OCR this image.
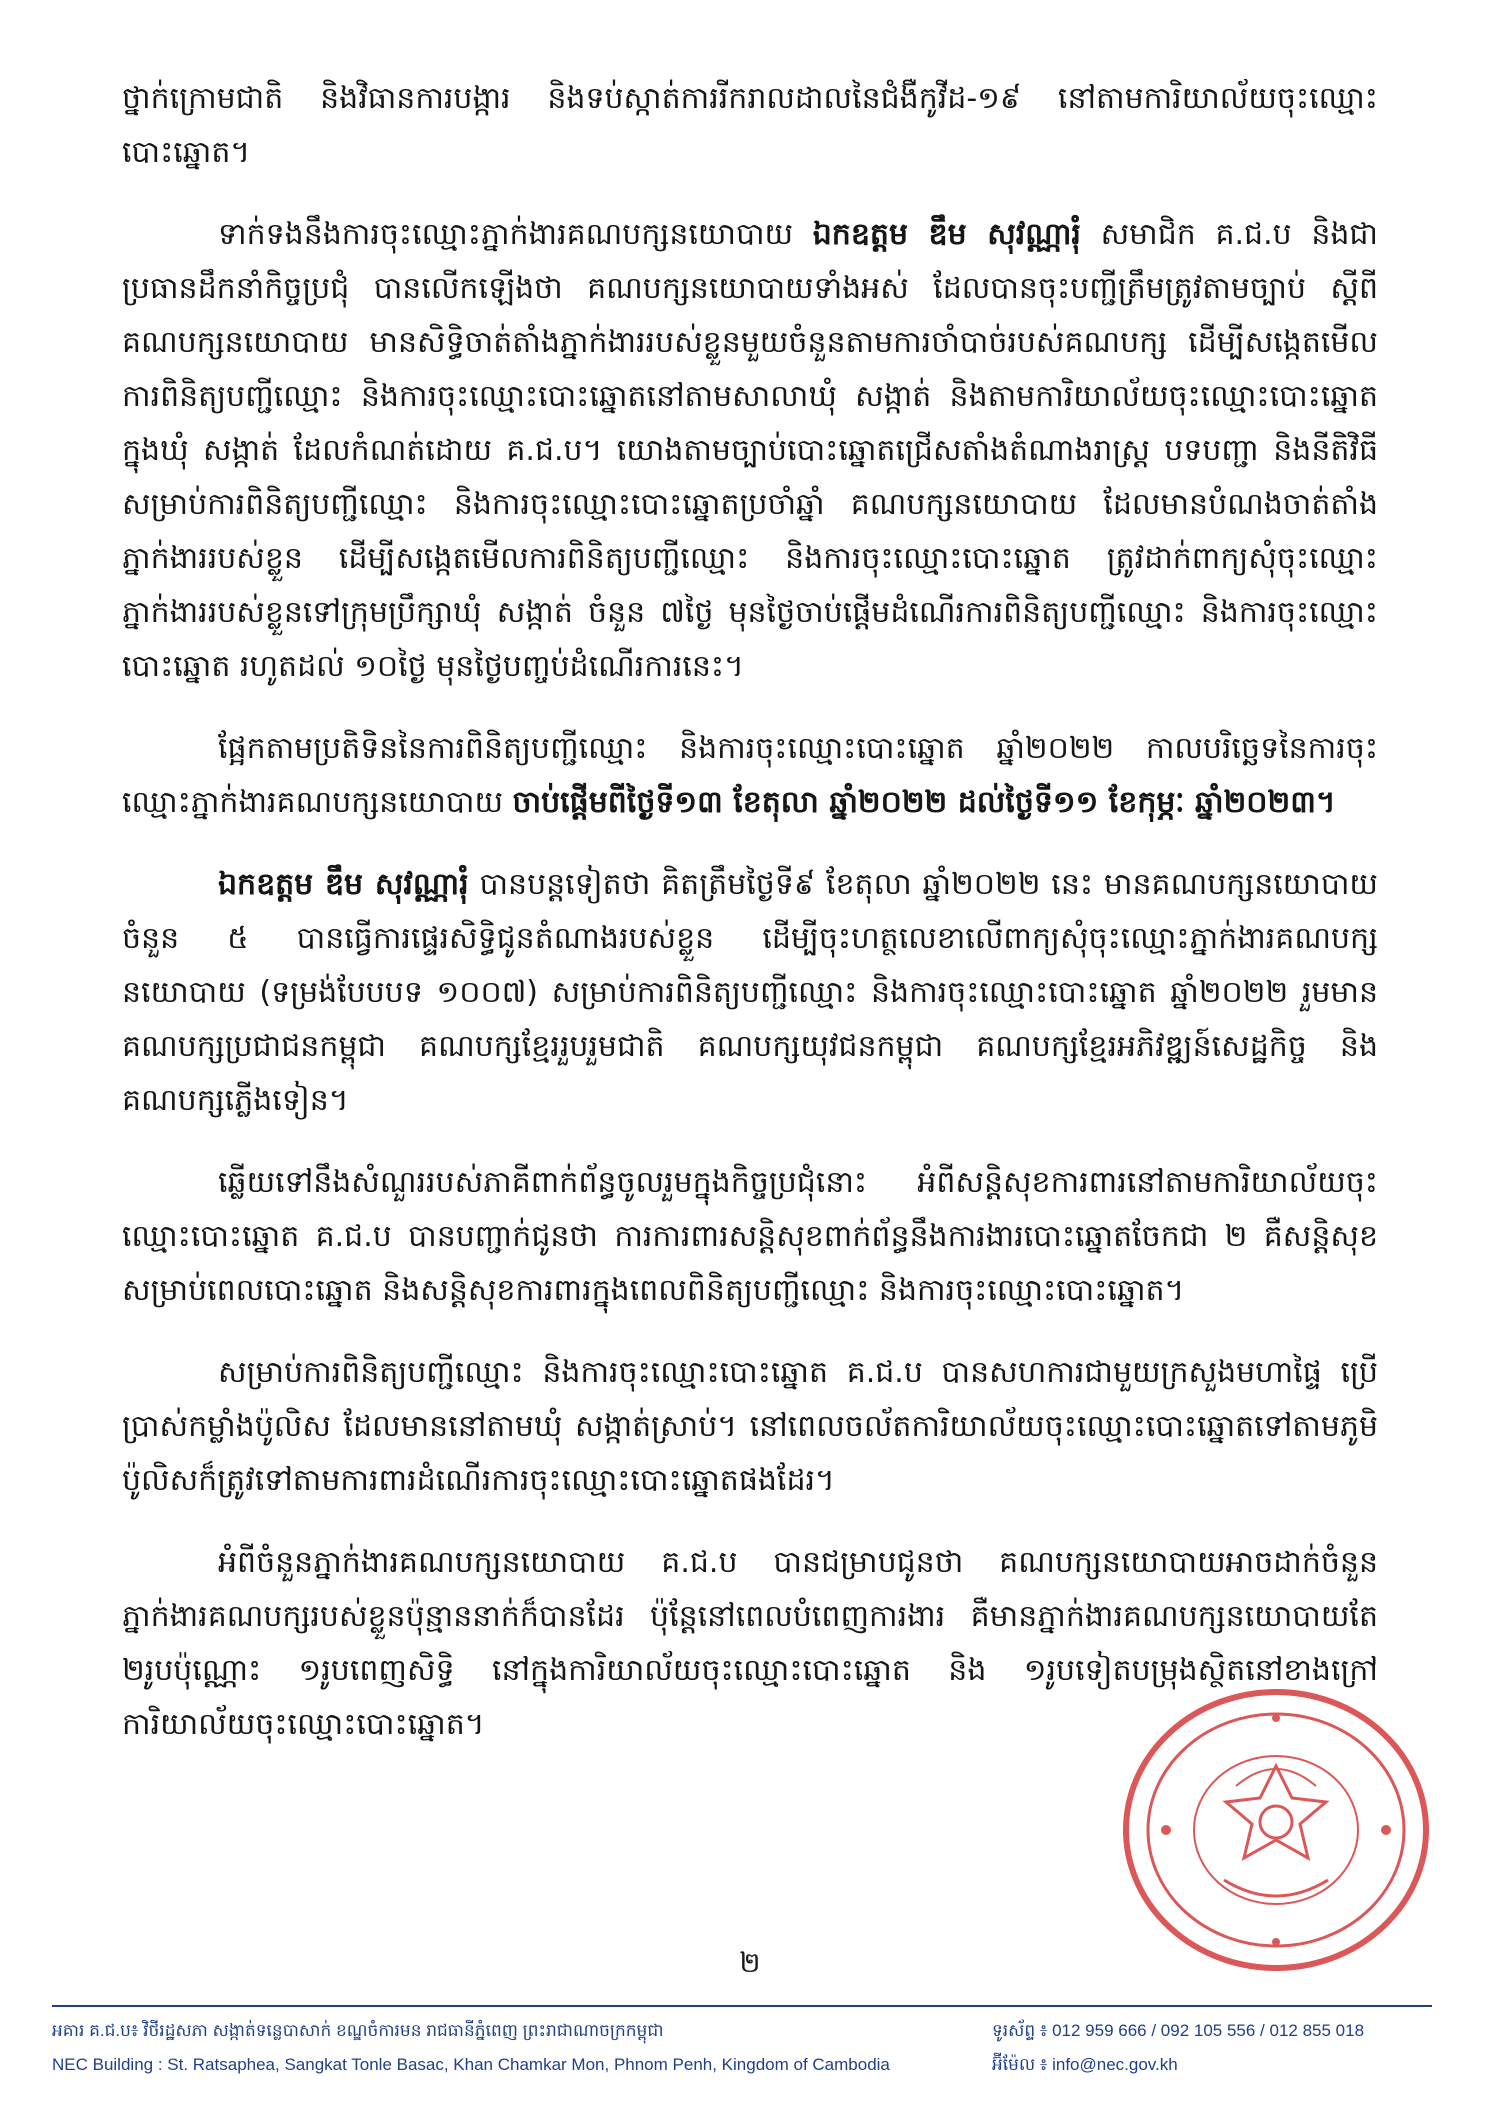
ថ្នាក់ក្រោមជាតិ និងវិធានការបង្ការ និងទប់ស្កាត់ការរីករាលដាលនៃជំងឺកូវីដ-១៩ នៅតាមការិយាល័យចុះឈ្មោះបោះឆ្នោត។

ទាក់ទងនឹងការចុះឈ្មោះភ្នាក់ងារគណបក្សនយោបាយ ឯកឧត្តម ឌឹម សុវណ្ណារុំ សមាជិក គ.ជ.ប និងជាប្រធានដឹកនាំកិច្ចប្រជុំ បានលើកឡើងថា គណបក្សនយោបាយទាំងអស់ ដែលបានចុះបញ្ជីត្រឹមត្រូវតាមច្បាប់ ស្តីពីគណបក្សនយោបាយ មានសិទ្ធិចាត់តាំងភ្នាក់ងាររបស់ខ្លួនមួយចំនួនតាមការចាំបាច់របស់គណបក្ស ដើម្បីសង្កេតមើលការពិនិត្យបញ្ជីឈ្មោះ និងការចុះឈ្មោះបោះឆ្នោតនៅតាមសាលាឃុំ សង្កាត់ និងតាមការិយាល័យចុះឈ្មោះបោះឆ្នោតក្នុងឃុំ សង្កាត់ ដែលកំណត់ដោយ គ.ជ.ប។ យោងតាមច្បាប់បោះឆ្នោតជ្រើសតាំងតំណាងរាស្ត្រ បទបញ្ជា និងនីតិវិធីសម្រាប់ការពិនិត្យបញ្ជីឈ្មោះ និងការចុះឈ្មោះបោះឆ្នោតប្រចាំឆ្នាំ គណបក្សនយោបាយ ដែលមានបំណងចាត់តាំងភ្នាក់ងាររបស់ខ្លួន ដើម្បីសង្កេតមើលការពិនិត្យបញ្ជីឈ្មោះ និងការចុះឈ្មោះបោះឆ្នោត ត្រូវដាក់ពាក្យសុំចុះឈ្មោះភ្នាក់ងាររបស់ខ្លួនទៅក្រុមប្រឹក្សាឃុំ សង្កាត់ ចំនួន ៧ថ្ងៃ មុនថ្ងៃចាប់ផ្តើមដំណើរការពិនិត្យបញ្ជីឈ្មោះ និងការចុះឈ្មោះបោះឆ្នោត រហូតដល់ ១០ថ្ងៃ មុនថ្ងៃបញ្ចប់ដំណើរការនេះ។

ផ្អែកតាមប្រតិទិននៃការពិនិត្យបញ្ជីឈ្មោះ និងការចុះឈ្មោះបោះឆ្នោត ឆ្នាំ២០២២ កាលបរិច្ឆេទនៃការចុះឈ្មោះភ្នាក់ងារគណបក្សនយោបាយ ចាប់ផ្តើមពីថ្ងៃទី១៣ ខែតុលា ឆ្នាំ២០២២ ដល់ថ្ងៃទី១១ ខែកុម្ភៈ ឆ្នាំ២០២៣។

ឯកឧត្តម ឌឹម សុវណ្ណារុំ បានបន្តទៀតថា គិតត្រឹមថ្ងៃទី៩ ខែតុលា ឆ្នាំ២០២២ នេះ មានគណបក្សនយោបាយចំនួន ៥ បានធ្វើការផ្ទេរសិទ្ធិជូនតំណាងរបស់ខ្លួន ដើម្បីចុះហត្ថលេខាលើពាក្យសុំចុះឈ្មោះភ្នាក់ងារគណបក្សនយោបាយ (ទម្រង់បែបបទ ១០០៧) សម្រាប់ការពិនិត្យបញ្ជីឈ្មោះ និងការចុះឈ្មោះបោះឆ្នោត ឆ្នាំ២០២២ រួមមាន គណបក្សប្រជាជនកម្ពុជា គណបក្សខ្មែររួបរួមជាតិ គណបក្សយុវជនកម្ពុជា គណបក្សខ្មែរអភិវឌ្ឍន៍សេដ្ឋកិច្ច និងគណបក្សភ្លើងទៀន។

ឆ្លើយទៅនឹងសំណួររបស់ភាគីពាក់ព័ន្ធចូលរួមក្នុងកិច្ចប្រជុំនោះ អំពីសន្តិសុខការពារនៅតាមការិយាល័យចុះឈ្មោះបោះឆ្នោត គ.ជ.ប បានបញ្ជាក់ជូនថា ការការពារសន្តិសុខពាក់ព័ន្ធនឹងការងារបោះឆ្នោតចែកជា ២ គឺសន្តិសុខសម្រាប់ពេលបោះឆ្នោត និងសន្តិសុខការពារក្នុងពេលពិនិត្យបញ្ជីឈ្មោះ និងការចុះឈ្មោះបោះឆ្នោត។

សម្រាប់ការពិនិត្យបញ្ជីឈ្មោះ និងការចុះឈ្មោះបោះឆ្នោត គ.ជ.ប បានសហការជាមួយក្រសួងមហាផ្ទៃ ប្រើប្រាស់កម្លាំងប៉ូលិស ដែលមាននៅតាមឃុំ សង្កាត់ស្រាប់។ នៅពេលចល័តការិយាល័យចុះឈ្មោះបោះឆ្នោតទៅតាមភូមិ ប៉ូលិសក៏ត្រូវទៅតាមការពារដំណើរការចុះឈ្មោះបោះឆ្នោតផងដែរ។

អំពីចំនួនភ្នាក់ងារគណបក្សនយោបាយ គ.ជ.ប បានជម្រាបជូនថា គណបក្សនយោបាយអាចដាក់ចំនួនភ្នាក់ងារគណបក្សរបស់ខ្លួនប៉ុន្មាននាក់ក៏បានដែរ ប៉ុន្តែនៅពេលបំពេញការងារ គឺមានភ្នាក់ងារគណបក្សនយោបាយតែ ២រូបប៉ុណ្ណោះ ១រូបពេញសិទ្ធិ នៅក្នុងការិយាល័យចុះឈ្មោះបោះឆ្នោត និង ១រូបទៀតបម្រុងស្ថិតនៅខាងក្រៅការិយាល័យចុះឈ្មោះបោះឆ្នោត។

២
អគារ គ.ជ.ប៖ វិថីរដ្ឋសភា សង្កាត់ទន្លេបាសាក់ ខណ្ឌចំការមន រាជធានីភ្នំពេញ ព្រះរាជាណាចក្រកម្ពុជា
NEC Building : St. Ratsaphea, Sangkat Tonle Basac, Khan Chamkar Mon, Phnom Penh, Kingdom of Cambodia
ទូរស័ព្ទ ៖ 012 959 666 / 092 105 556 / 012 855 018
អ៊ីម៉ែល ៖ info@nec.gov.kh
